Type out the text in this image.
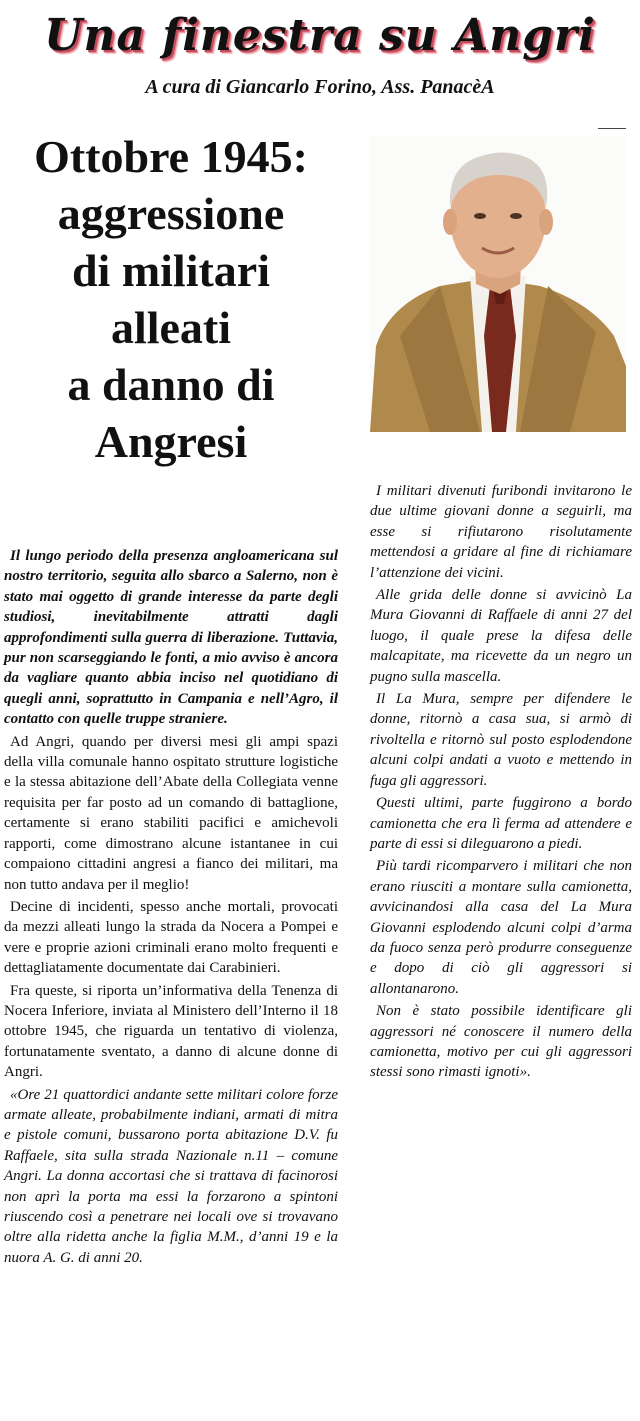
Una finestra su Angri
A cura di Giancarlo Forino, Ass. PanacèA
Ottobre 1945:
aggressione
di militari
alleati
a danno di
Angresi

Il lungo periodo della presenza angloamericana sul nostro territorio, seguita allo sbarco a Salerno, non è stato mai oggetto di grande interesse da parte degli studiosi, inevitabilmente attratti dagli approfondimenti sulla guerra di liberazione. Tuttavia, pur non scarseggiando le fonti, a mio avviso è ancora da vagliare quanto abbia inciso nel quotidiano di quegli anni, soprattutto in Campania e nell’Agro, il contatto con quelle truppe straniere.

Ad Angri, quando per diversi mesi gli ampi spazi della villa comunale hanno ospitato strutture logistiche e la stessa abitazione dell’Abate della Collegiata venne requisita per far posto ad un comando di battaglione, certamente si erano stabiliti pacifici e amichevoli rapporti, come dimostrano alcune istantanee in cui compaiono cittadini angresi a fianco dei militari, ma non tutto andava per il meglio!

Decine di incidenti, spesso anche mortali, provocati da mezzi alleati lungo la strada da Nocera a Pompei e vere e proprie azioni criminali erano molto frequenti e dettagliatamente documentate dai Carabinieri.

Fra queste, si riporta un’informativa della Tenenza di Nocera Inferiore, inviata al Ministero dell’Interno il 18 ottobre 1945, che riguarda un tentativo di violenza, fortunatamente sventato, a danno di alcune donne di Angri.

«Ore 21 quattordici andante sette militari colore forze armate alleate, probabilmente indiani, armati di mitra e pistole comuni, bussarono porta abitazione D.V. fu Raffaele, sita sulla strada Nazionale n.11 – comune Angri. La donna accortasi che si trattava di facinorosi non aprì la porta ma essi la forzarono a spintoni riuscendo così a penetrare nei locali ove si trovavano oltre alla ridetta anche la figlia M.M., d’anni 19 e la nuora A. G. di anni 20.

I militari divenuti furibondi invitarono le due ultime giovani donne a seguirli, ma esse si rifiutarono risolutamente mettendosi a gridare al fine di richiamare l’attenzione dei vicini.

Alle grida delle donne si avvicinò La Mura Giovanni di Raffaele di anni 27 del luogo, il quale prese la difesa delle malcapitate, ma ricevette da un negro un pugno sulla mascella.

Il La Mura, sempre per difendere le donne, ritornò a casa sua, si armò di rivoltella e ritornò sul posto esplodendone alcuni colpi andati a vuoto e mettendo in fuga gli aggressori.

Questi ultimi, parte fuggirono a bordo camionetta che era lì ferma ad attendere e parte di essi si dileguarono a piedi.

Più tardi ricomparvero i militari che non erano riusciti a montare sulla camionetta, avvicinandosi alla casa del La Mura Giovanni esplodendo alcuni colpi d’arma da fuoco senza però produrre conseguenze e dopo di ciò gli aggressori si allontanarono.

Non è stato possibile identificare gli aggressori né conoscere il numero della camionetta, motivo per cui gli aggressori stessi sono rimasti ignoti».
